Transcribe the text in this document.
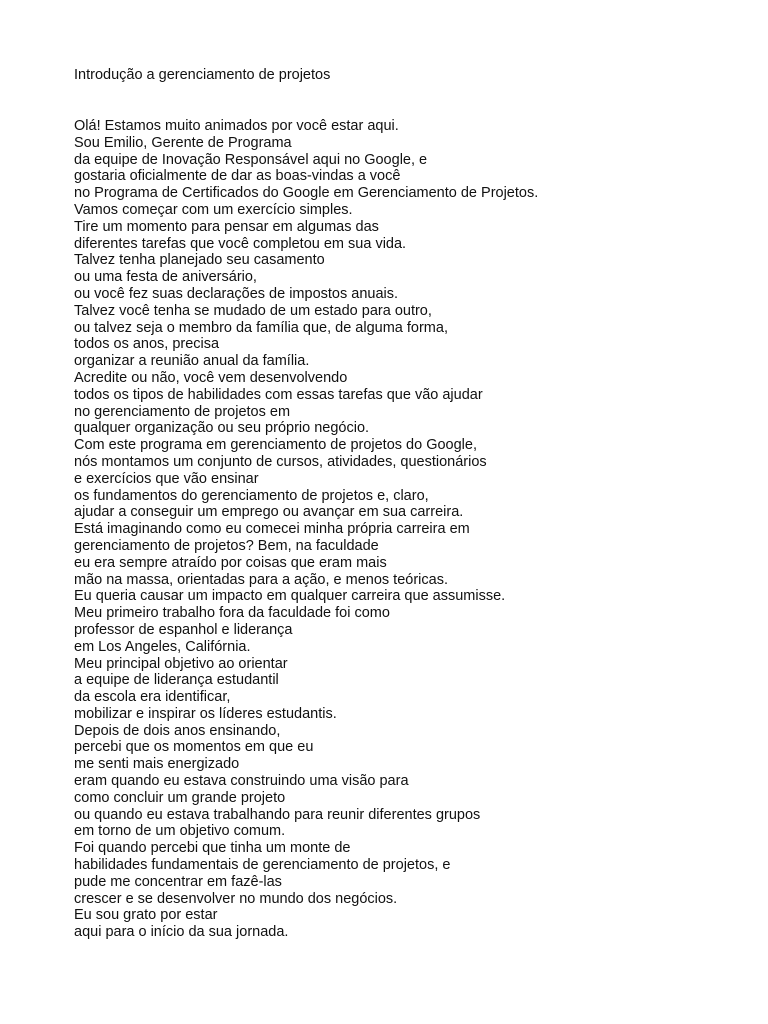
Introdução a gerenciamento de projetos
Olá! Estamos muito animados por você estar aqui.
Sou Emilio, Gerente de Programa
da equipe de Inovação Responsável aqui no Google, e
gostaria oficialmente de dar as boas-vindas a você
no Programa de Certificados do Google em Gerenciamento de Projetos.
Vamos começar com um exercício simples.
Tire um momento para pensar em algumas das
diferentes tarefas que você completou em sua vida.
Talvez tenha planejado seu casamento
ou uma festa de aniversário,
ou você fez suas declarações de impostos anuais.
Talvez você tenha se mudado de um estado para outro,
ou talvez seja o membro da família que, de alguma forma,
todos os anos, precisa
organizar a reunião anual da família.
Acredite ou não, você vem desenvolvendo
todos os tipos de habilidades com essas tarefas que vão ajudar
no gerenciamento de projetos em
qualquer organização ou seu próprio negócio.
Com este programa em gerenciamento de projetos do Google,
nós montamos um conjunto de cursos, atividades, questionários
e exercícios que vão ensinar
os fundamentos do gerenciamento de projetos e, claro,
ajudar a conseguir um emprego ou avançar em sua carreira.
Está imaginando como eu comecei minha própria carreira em
gerenciamento de projetos? Bem, na faculdade
eu era sempre atraído por coisas que eram mais
mão na massa, orientadas para a ação, e menos teóricas.
Eu queria causar um impacto em qualquer carreira que assumisse.
Meu primeiro trabalho fora da faculdade foi como
professor de espanhol e liderança
em Los Angeles, Califórnia.
Meu principal objetivo ao orientar
a equipe de liderança estudantil
da escola era identificar,
mobilizar e inspirar os líderes estudantis.
Depois de dois anos ensinando,
percebi que os momentos em que eu
me senti mais energizado
eram quando eu estava construindo uma visão para
como concluir um grande projeto
ou quando eu estava trabalhando para reunir diferentes grupos
em torno de um objetivo comum.
Foi quando percebi que tinha um monte de
habilidades fundamentais de gerenciamento de projetos, e
pude me concentrar em fazê-las
crescer e se desenvolver no mundo dos negócios.
Eu sou grato por estar
aqui para o início da sua jornada.
